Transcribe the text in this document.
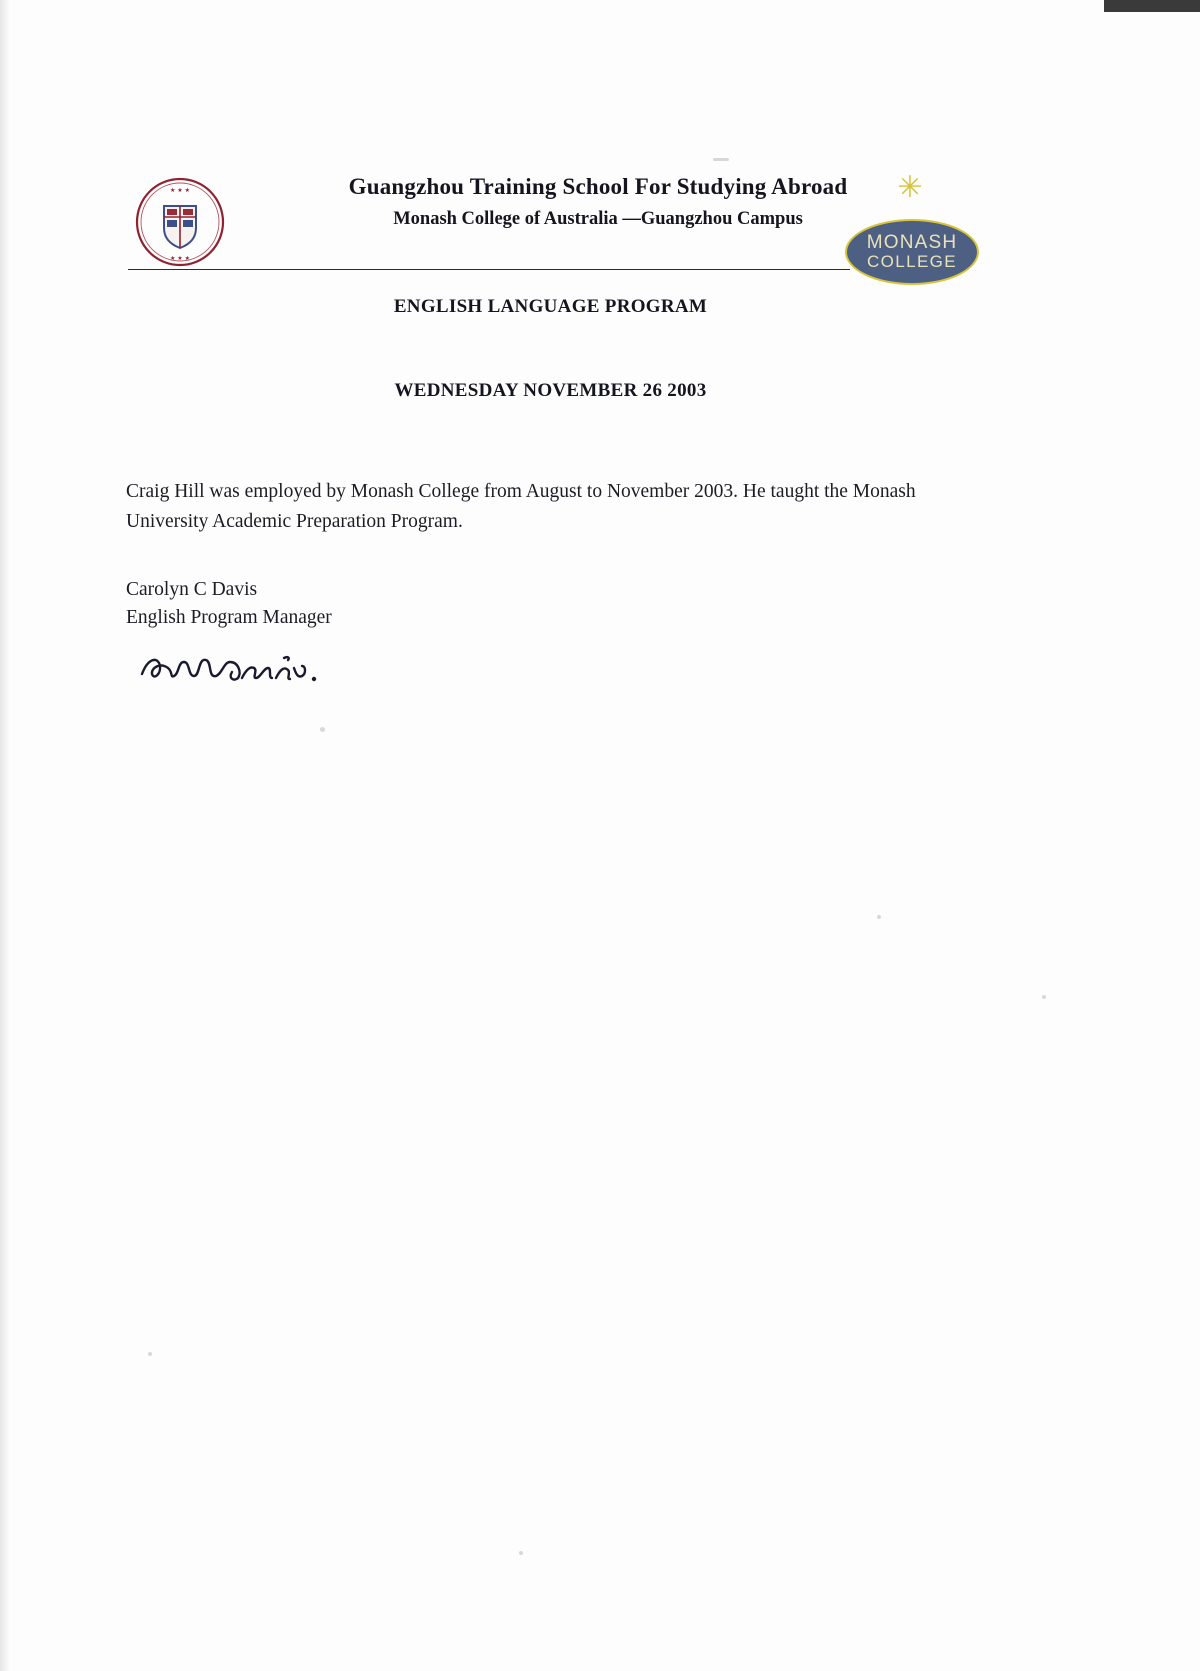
★ ★ ★
★ ★ ★
Guangzhou Training School For Studying Abroad
Monash College of Australia —Guangzhou Campus
✳
MONASH
COLLEGE
ENGLISH LANGUAGE PROGRAM
WEDNESDAY NOVEMBER 26 2003
Craig Hill was employed by Monash College from August to November 2003. He taught the Monash University Academic Preparation Program.
Carolyn C Davis
English Program Manager
